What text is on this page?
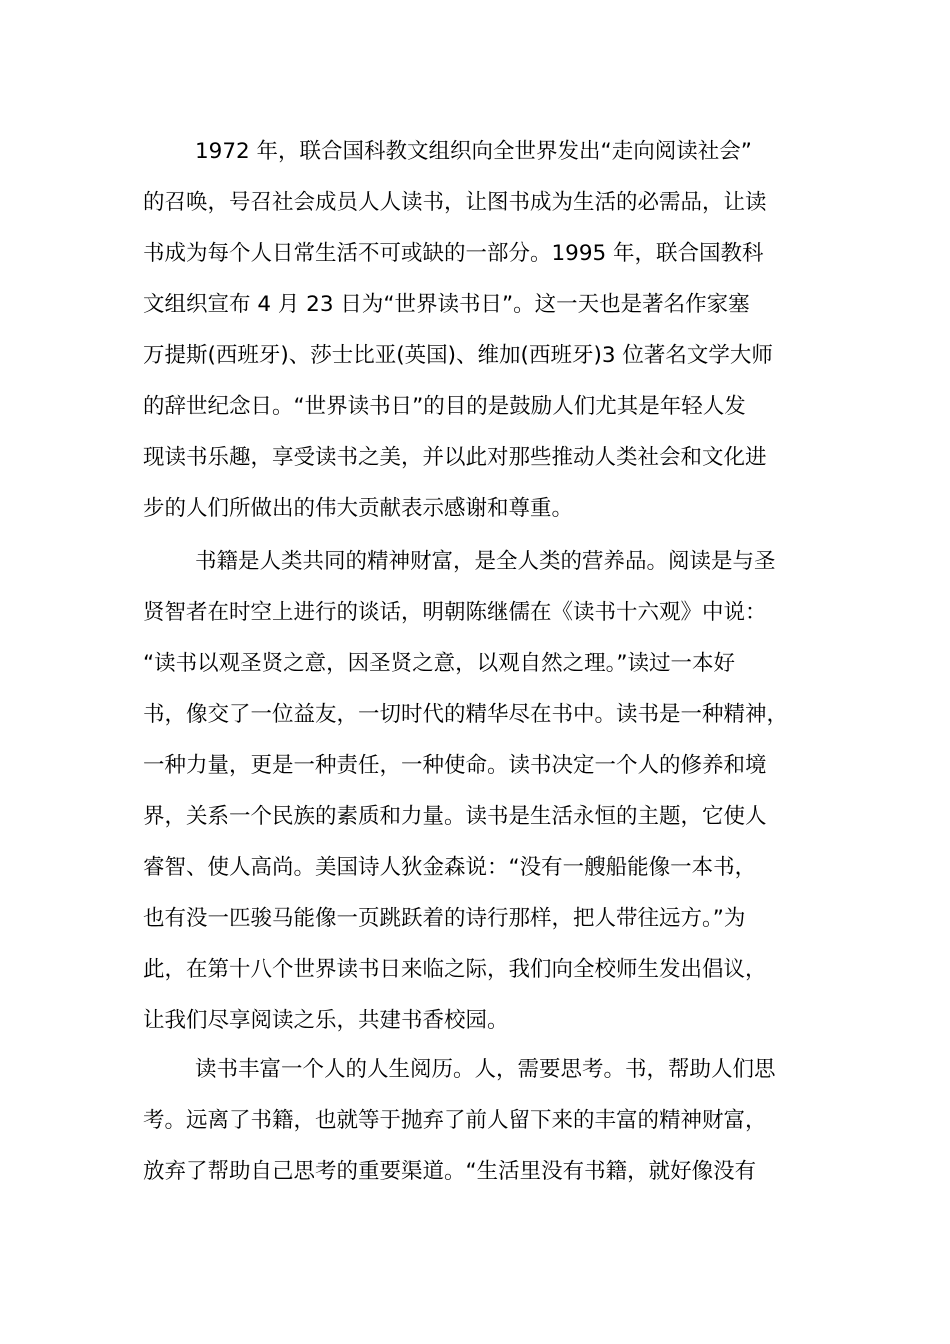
1972 年，联合国科教文组织向全世界发出“走向阅读社会”
的召唤，号召社会成员人人读书，让图书成为生活的必需品，让读
书成为每个人日常生活不可或缺的一部分。1995 年，联合国教科
文组织宣布 4 月 23 日为“世界读书日”。这一天也是著名作家塞
万提斯(西班牙)、莎士比亚(英国)、维加(西班牙)3 位著名文学大师
的辞世纪念日。“世界读书日”的目的是鼓励人们尤其是年轻人发
现读书乐趣，享受读书之美，并以此对那些推动人类社会和文化进
步的人们所做出的伟大贡献表示感谢和尊重。
书籍是人类共同的精神财富，是全人类的营养品。阅读是与圣
贤智者在时空上进行的谈话，明朝陈继儒在《读书十六观》中说：
“读书以观圣贤之意，因圣贤之意，以观自然之理。”读过一本好
书，像交了一位益友，一切时代的精华尽在书中。读书是一种精神，
一种力量，更是一种责任，一种使命。读书决定一个人的修养和境
界，关系一个民族的素质和力量。读书是生活永恒的主题，它使人
睿智、使人高尚。美国诗人狄金森说：“没有一艘船能像一本书，
也有没一匹骏马能像一页跳跃着的诗行那样，把人带往远方。”为
此，在第十八个世界读书日来临之际，我们向全校师生发出倡议，
让我们尽享阅读之乐，共建书香校园。
读书丰富一个人的人生阅历。人，需要思考。书，帮助人们思
考。远离了书籍，也就等于抛弃了前人留下来的丰富的精神财富，
放弃了帮助自己思考的重要渠道。“生活里没有书籍，就好像没有
